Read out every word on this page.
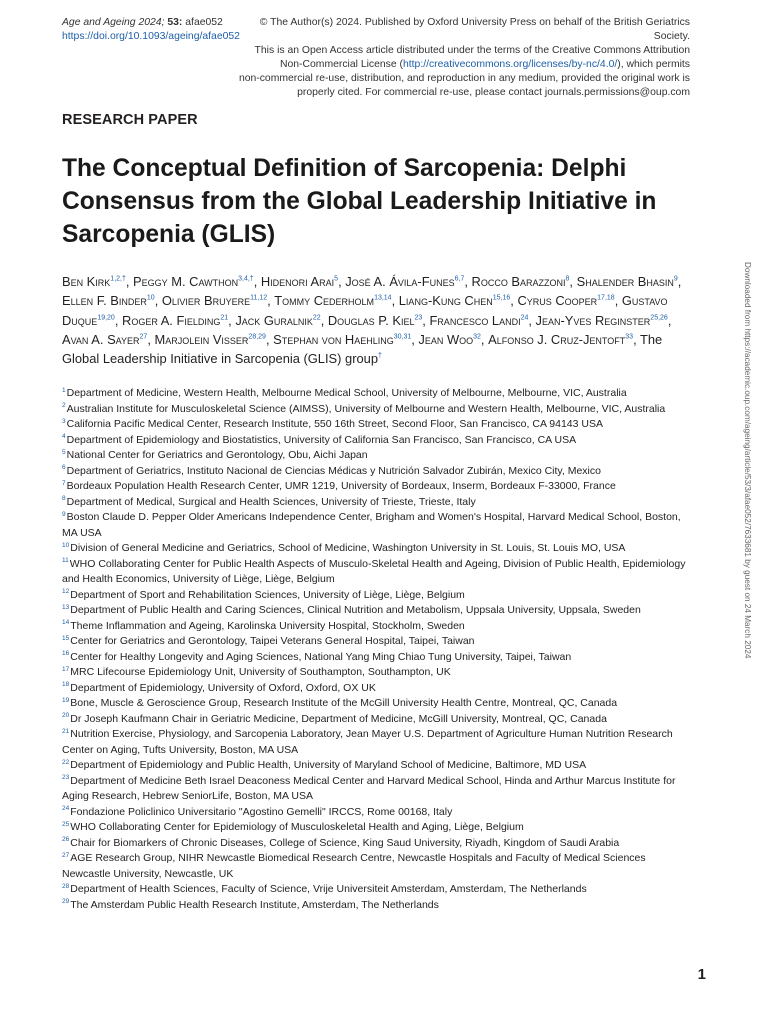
Age and Ageing 2024; 53: afae052
https://doi.org/10.1093/ageing/afae052
© The Author(s) 2024. Published by Oxford University Press on behalf of the British Geriatrics Society.
This is an Open Access article distributed under the terms of the Creative Commons Attribution
Non-Commercial License (http://creativecommons.org/licenses/by-nc/4.0/), which permits
non-commercial re-use, distribution, and reproduction in any medium, provided the original work is
properly cited. For commercial re-use, please contact journals.permissions@oup.com
RESEARCH PAPER
The Conceptual Definition of Sarcopenia: Delphi Consensus from the Global Leadership Initiative in Sarcopenia (GLIS)
Ben Kirk$^{1,2,\dagger}$, Peggy M. Cawthon$^{3,4,\dagger}$, Hidenori Arai$^5$, José A. Ávila-Funes$^{6,7}$, Rocco Barazzoni$^8$, Shalender Bhasin$^9$, Ellen F. Binder$^{10}$, Olivier Bruyere$^{11,12}$, Tommy Cederholm$^{13,14}$, Liang-Kung Chen$^{15,16}$, Cyrus Cooper$^{17,18}$, Gustavo Duque$^{19,20}$, Roger A. Fielding$^{21}$, Jack Guralnik$^{22}$, Douglas P. Kiel$^{23}$, Francesco Landi$^{24}$, Jean-Yves Reginster$^{25,26}$, Avan A. Sayer$^{27}$, Marjolein Visser$^{28,29}$, Stephan von Haehling$^{30,31}$, Jean Woo$^{32}$, Alfonso J. Cruz-Jentoft$^{33}$, The Global Leadership Initiative in Sarcopenia (GLIS) group†

$^1$Department of Medicine, Western Health, Melbourne Medical School, University of Melbourne, Melbourne, VIC, Australia

$^2$Australian Institute for Musculoskeletal Science (AIMSS), University of Melbourne and Western Health, Melbourne, VIC, Australia

$^3$California Pacific Medical Center, Research Institute, 550 16th Street, Second Floor, San Francisco, CA 94143 USA

$^4$Department of Epidemiology and Biostatistics, University of California San Francisco, San Francisco, CA USA

$^5$National Center for Geriatrics and Gerontology, Obu, Aichi Japan

$^6$Department of Geriatrics, Instituto Nacional de Ciencias Médicas y Nutrición Salvador Zubirán, Mexico City, Mexico

$^7$Bordeaux Population Health Research Center, UMR 1219, University of Bordeaux, Inserm, Bordeaux F-33000, France

$^8$Department of Medical, Surgical and Health Sciences, University of Trieste, Trieste, Italy

$^9$Boston Claude D. Pepper Older Americans Independence Center, Brigham and Women's Hospital, Harvard Medical School, Boston, MA USA

$^{10}$Division of General Medicine and Geriatrics, School of Medicine, Washington University in St. Louis, St. Louis MO, USA

$^{11}$WHO Collaborating Center for Public Health Aspects of Musculo-Skeletal Health and Ageing, Division of Public Health, Epidemiology and Health Economics, University of Liège, Liège, Belgium

$^{12}$Department of Sport and Rehabilitation Sciences, University of Liège, Liège, Belgium

$^{13}$Department of Public Health and Caring Sciences, Clinical Nutrition and Metabolism, Uppsala University, Uppsala, Sweden

$^{14}$Theme Inflammation and Ageing, Karolinska University Hospital, Stockholm, Sweden

$^{15}$Center for Geriatrics and Gerontology, Taipei Veterans General Hospital, Taipei, Taiwan

$^{16}$Center for Healthy Longevity and Aging Sciences, National Yang Ming Chiao Tung University, Taipei, Taiwan

$^{17}$MRC Lifecourse Epidemiology Unit, University of Southampton, Southampton, UK

$^{18}$Department of Epidemiology, University of Oxford, Oxford, OX UK

$^{19}$Bone, Muscle & Geroscience Group, Research Institute of the McGill University Health Centre, Montreal, QC, Canada

$^{20}$Dr Joseph Kaufmann Chair in Geriatric Medicine, Department of Medicine, McGill University, Montreal, QC, Canada

$^{21}$Nutrition Exercise, Physiology, and Sarcopenia Laboratory, Jean Mayer U.S. Department of Agriculture Human Nutrition Research Center on Aging, Tufts University, Boston, MA USA

$^{22}$Department of Epidemiology and Public Health, University of Maryland School of Medicine, Baltimore, MD USA

$^{23}$Department of Medicine Beth Israel Deaconess Medical Center and Harvard Medical School, Hinda and Arthur Marcus Institute for Aging Research, Hebrew SeniorLife, Boston, MA USA

$^{24}$Fondazione Policlinico Universitario "Agostino Gemelli" IRCCS, Rome 00168, Italy

$^{25}$WHO Collaborating Center for Epidemiology of Musculoskeletal Health and Aging, Liège, Belgium

$^{26}$Chair for Biomarkers of Chronic Diseases, College of Science, King Saud University, Riyadh, Kingdom of Saudi Arabia

$^{27}$AGE Research Group, NIHR Newcastle Biomedical Research Centre, Newcastle Hospitals and Faculty of Medical Sciences Newcastle University, Newcastle, UK

$^{28}$Department of Health Sciences, Faculty of Science, Vrije Universiteit Amsterdam, Amsterdam, The Netherlands

$^{29}$The Amsterdam Public Health Research Institute, Amsterdam, The Netherlands

Downloaded from https://academic.oup.com/ageing/article/53/3/afae052/7633681 by guest on 24 March 2024
1
